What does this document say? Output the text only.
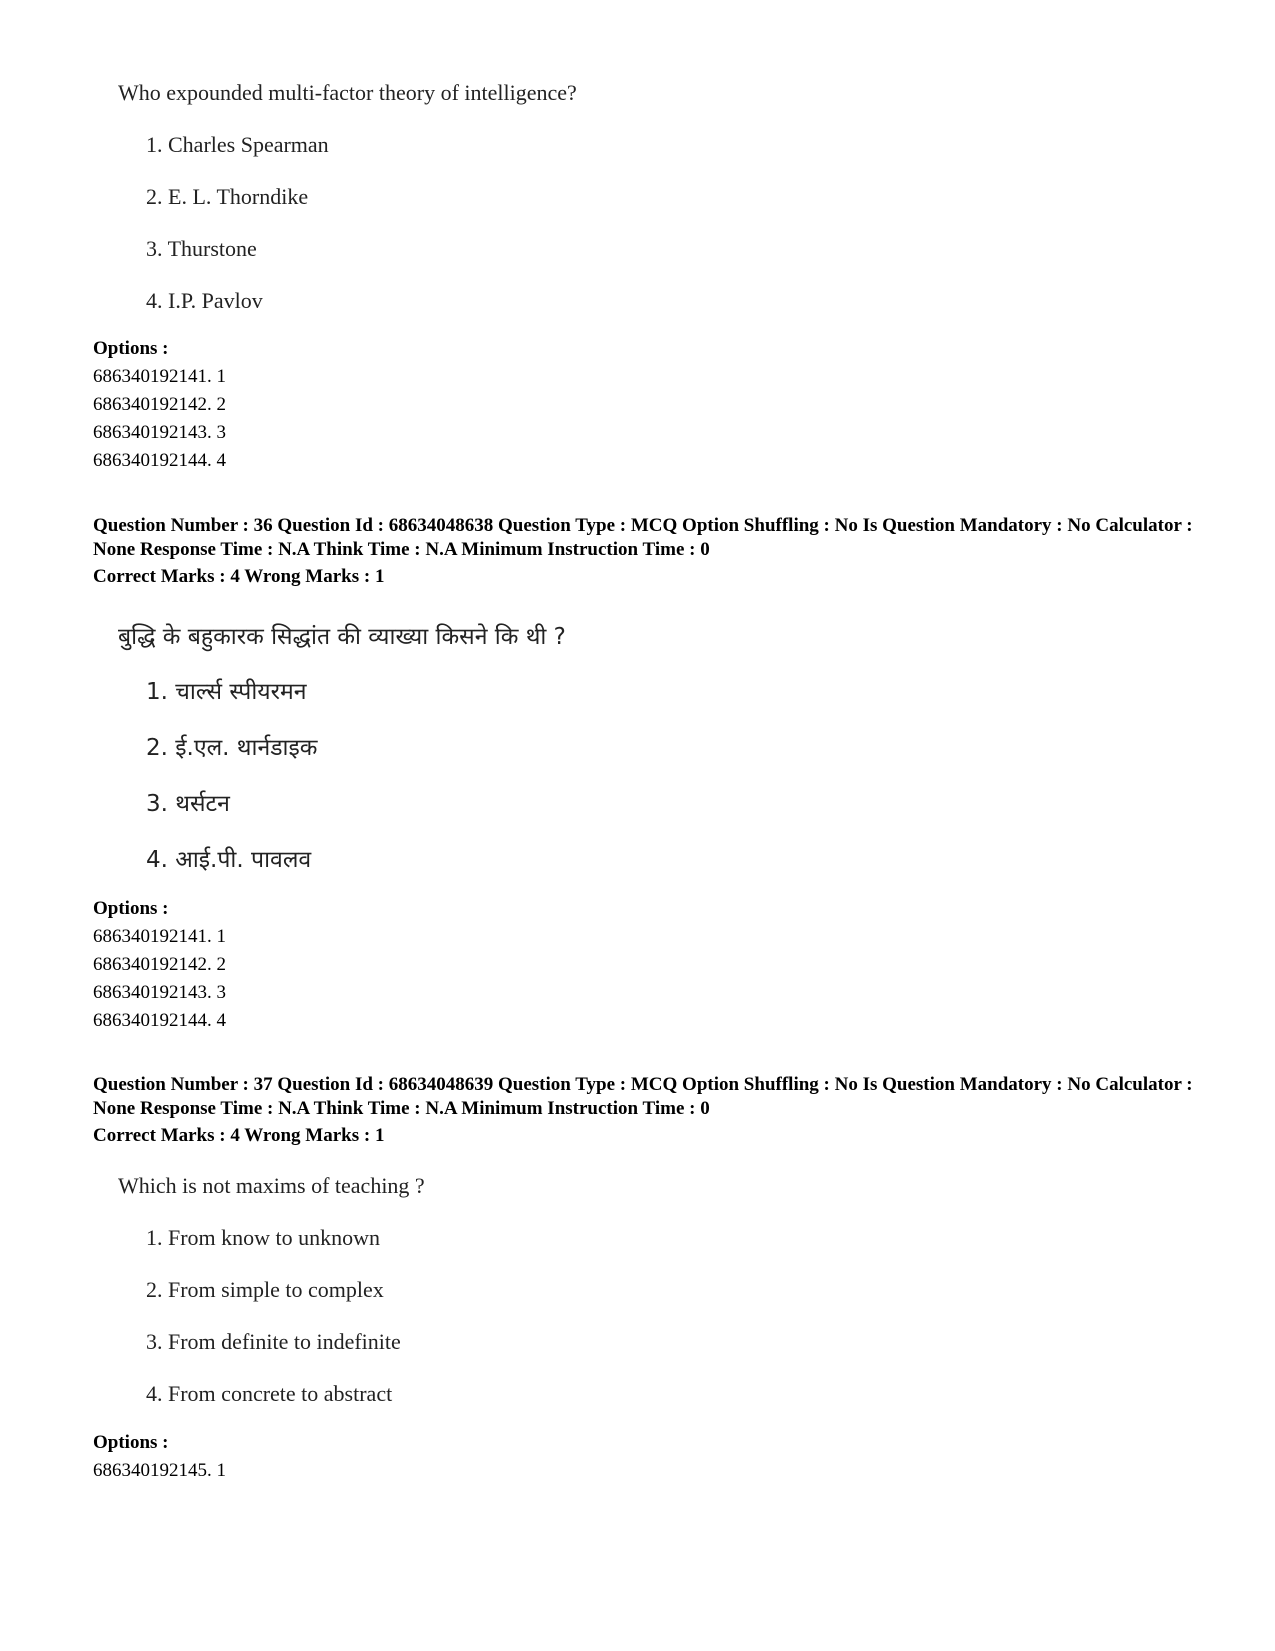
Who expounded multi-factor theory of intelligence?
1. Charles Spearman
2. E. L. Thorndike
3. Thurstone
4. I.P. Pavlov
Options :
686340192141. 1
686340192142. 2
686340192143. 3
686340192144. 4
Question Number : 36 Question Id : 68634048638 Question Type : MCQ Option Shuffling : No Is Question Mandatory : No Calculator : None Response Time : N.A Think Time : N.A Minimum Instruction Time : 0
Correct Marks : 4 Wrong Marks : 1
बुद्धि के बहुकारक सिद्धांत की व्याख्या किसने कि थी ?
1. चार्ल्स स्पीयरमन
2. ई.एल. थार्नडाइक
3. थर्सटन
4. आई.पी. पावलव
Options :
686340192141. 1
686340192142. 2
686340192143. 3
686340192144. 4
Question Number : 37 Question Id : 68634048639 Question Type : MCQ Option Shuffling : No Is Question Mandatory : No Calculator : None Response Time : N.A Think Time : N.A Minimum Instruction Time : 0
Correct Marks : 4 Wrong Marks : 1
Which is not maxims of teaching ?
1. From know to unknown
2. From simple to complex
3. From definite to indefinite
4. From concrete to abstract
Options :
686340192145. 1
